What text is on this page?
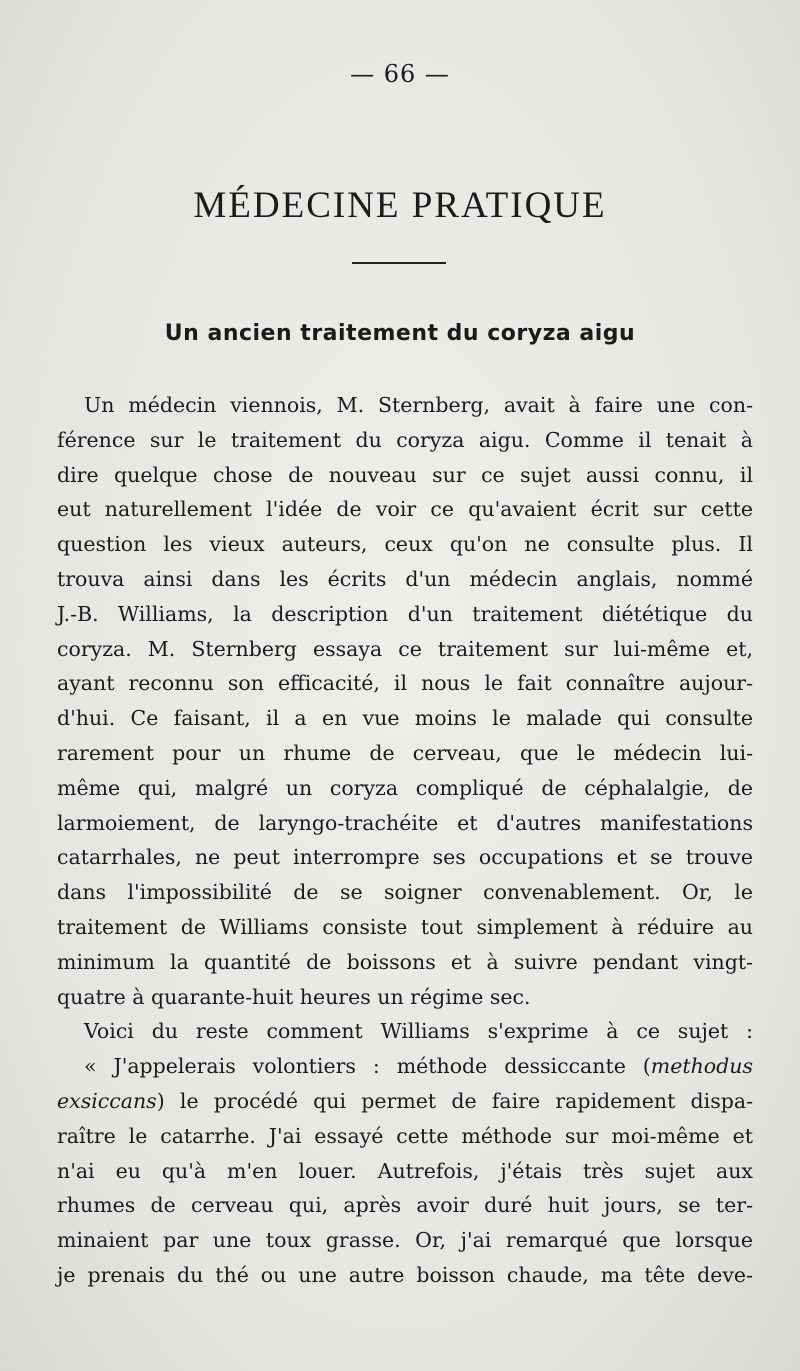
— 66 —
MÉDECINE PRATIQUE
Un ancien traitement du coryza aigu
Un médecin viennois, M. Sternberg, avait à faire une con-
férence sur le traitement du coryza aigu. Comme il tenait à
dire quelque chose de nouveau sur ce sujet aussi connu, il
eut naturellement l'idée de voir ce qu'avaient écrit sur cette
question les vieux auteurs, ceux qu'on ne consulte plus. Il
trouva ainsi dans les écrits d'un médecin anglais, nommé
J.-B. Williams, la description d'un traitement diététique du
coryza. M. Sternberg essaya ce traitement sur lui-même et,
ayant reconnu son efficacité, il nous le fait connaître aujour-
d'hui. Ce faisant, il a en vue moins le malade qui consulte
rarement pour un rhume de cerveau, que le médecin lui-
même qui, malgré un coryza compliqué de céphalalgie, de
larmoiement, de laryngo-trachéite et d'autres manifestations
catarrhales, ne peut interrompre ses occupations et se trouve
dans l'impossibilité de se soigner convenablement. Or, le
traitement de Williams consiste tout simplement à réduire au
minimum la quantité de boissons et à suivre pendant vingt-
quatre à quarante-huit heures un régime sec.
Voici du reste comment Williams s'exprime à ce sujet :
« J'appelerais volontiers : méthode dessiccante (methodus
exsiccans) le procédé qui permet de faire rapidement dispa-
raître le catarrhe. J'ai essayé cette méthode sur moi-même et
n'ai eu qu'à m'en louer. Autrefois, j'étais très sujet aux
rhumes de cerveau qui, après avoir duré huit jours, se ter-
minaient par une toux grasse. Or, j'ai remarqué que lorsque
je prenais du thé ou une autre boisson chaude, ma tête deve-
